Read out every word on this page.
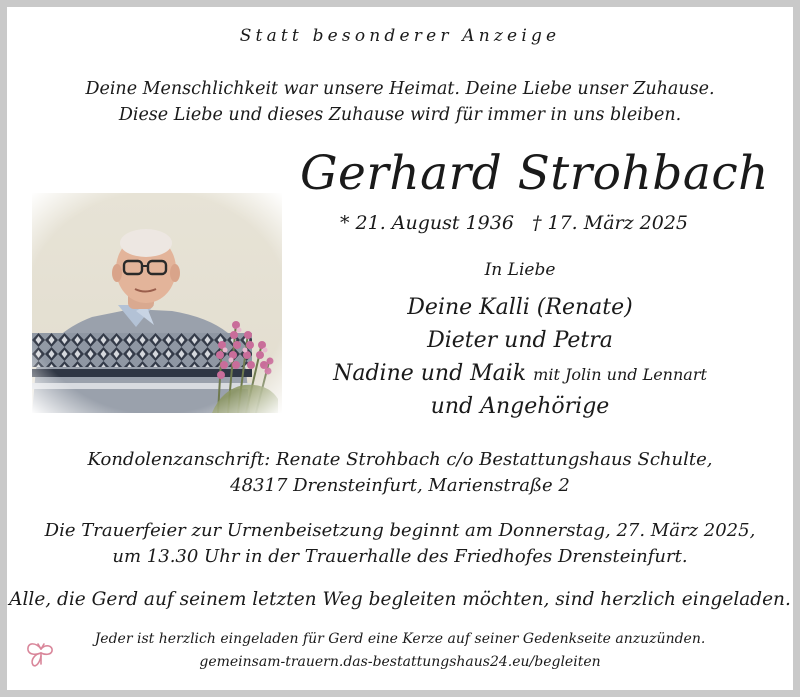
Statt besonderer Anzeige
Deine Menschlichkeit war unsere Heimat. Deine Liebe unser Zuhause.
Diese Liebe und dieses Zuhause wird für immer in uns bleiben.
Gerhard Strohbach
* 21. August 1936 † 17. März 2025
In Liebe
Deine Kalli (Renate)
Dieter und Petra
Nadine und Maik mit Jolin und Lennart
und Angehörige
Kondolenzanschrift: Renate Strohbach c/o Bestattungshaus Schulte,
48317 Drensteinfurt, Marienstraße 2
Die Trauerfeier zur Urnenbeisetzung beginnt am Donnerstag, 27. März 2025,
um 13.30 Uhr in der Trauerhalle des Friedhofes Drensteinfurt.
Alle, die Gerd auf seinem letzten Weg begleiten möchten, sind herzlich eingeladen.
Jeder ist herzlich eingeladen für Gerd eine Kerze auf seiner Gedenkseite anzuzünden.
gemeinsam-trauern.das-bestattungshaus24.eu/begleiten
